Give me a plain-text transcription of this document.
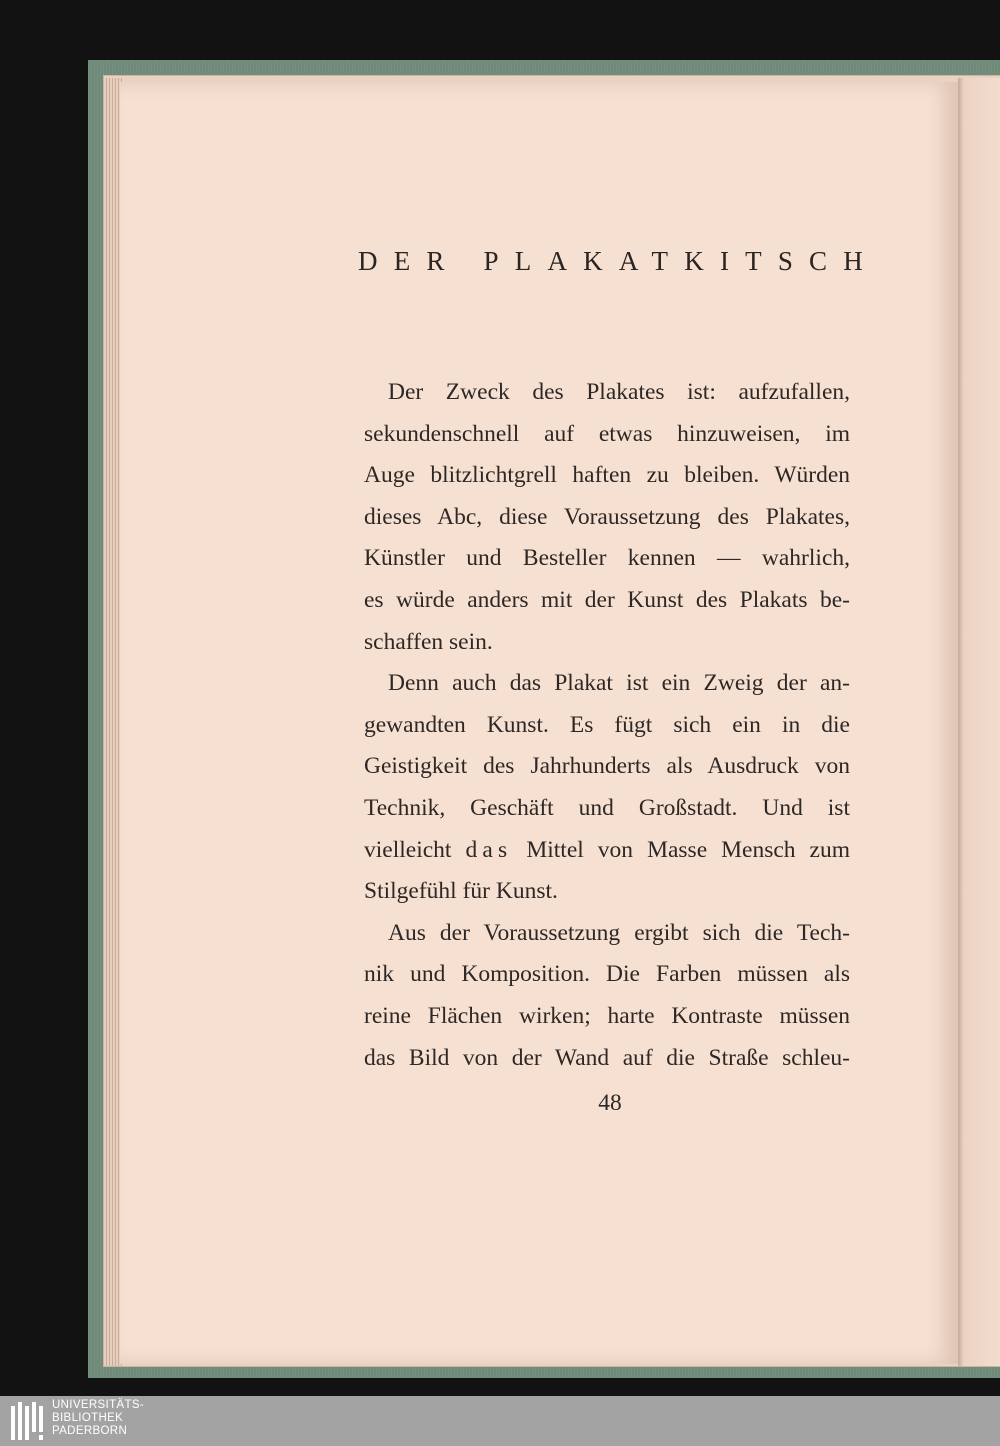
DER PLAKATKITSCH
Der Zweck des Plakates ist: aufzufallen,
sekundenschnell auf etwas hinzuweisen, im
Auge blitzlichtgrell haften zu bleiben. Würden
dieses Abc, diese Voraussetzung des Plakates,
Künstler und Besteller kennen — wahrlich,
es würde anders mit der Kunst des Plakats be-
schaffen sein.
Denn auch das Plakat ist ein Zweig der an-
gewandten Kunst. Es fügt sich ein in die
Geistigkeit des Jahrhunderts als Ausdruck von
Technik, Geschäft und Großstadt. Und ist
vielleicht das Mittel von Masse Mensch zum
Stilgefühl für Kunst.
Aus der Voraussetzung ergibt sich die Tech-
nik und Komposition. Die Farben müssen als
reine Flächen wirken; harte Kontraste müssen
das Bild von der Wand auf die Straße schleu-
48
UNIVERSITÄTS-
BIBLIOTHEK
PADERBORN
